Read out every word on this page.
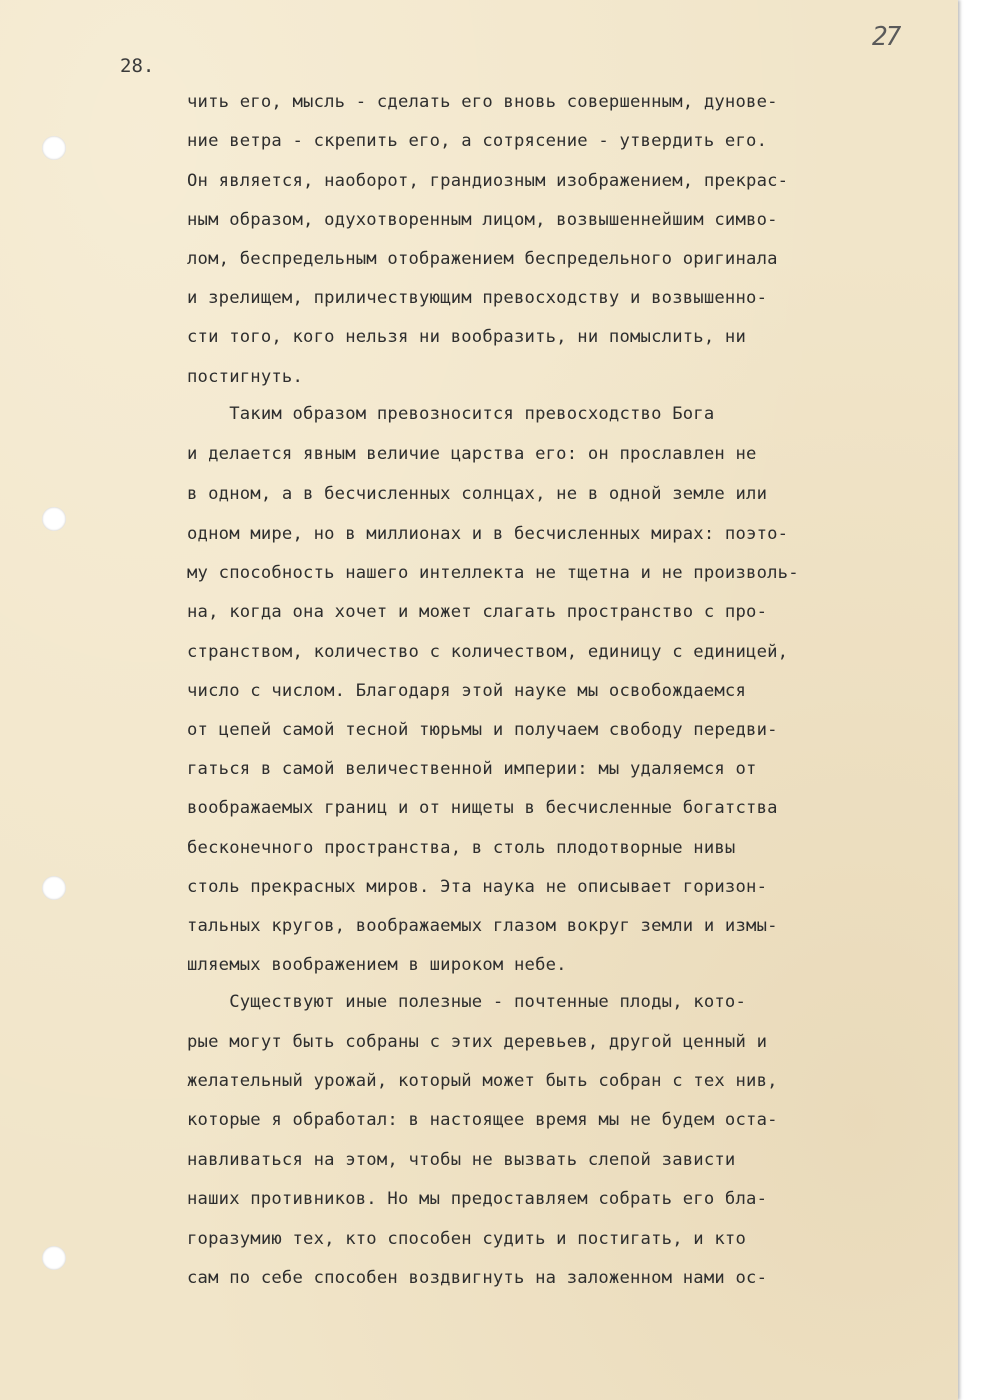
28.
27
чить его, мысль - сделать его вновь совершенным, дунове-
ние ветра - скрепить его, а сотрясение - утвердить его.
Он является, наоборот, грандиозным изображением, прекрас-
ным образом, одухотворенным лицом, возвышеннейшим симво-
лом, беспредельным отображением беспредельного оригинала
и зрелищем, приличествующим превосходству и возвышенно-
сти того, кого нельзя ни вообразить, ни помыслить, ни
постигнуть.
Таким образом превозносится превосходство Бога
и делается явным величие царства его: он прославлен не
в одном, а в бесчисленных солнцах, не в одной земле или
одном мире, но в миллионах и в бесчисленных мирах: поэто-
му способность нашего интеллекта не тщетна и не произволь-
на, когда она хочет и может слагать пространство с про-
странством, количество с количеством, единицу с единицей,
число с числом. Благодаря этой науке мы освобождаемся
от цепей самой тесной тюрьмы и получаем свободу передви-
гаться в самой величественной империи: мы удаляемся от
воображаемых границ и от нищеты в бесчисленные богатства
бесконечного пространства, в столь плодотворные нивы
столь прекрасных миров. Эта наука не описывает горизон-
тальных кругов, воображаемых глазом вокруг земли и измы-
шляемых воображением в широком небе.
Существуют иные полезные - почтенные плоды, кото-
рые могут быть собраны с этих деревьев, другой ценный и
желательный урожай, который может быть собран с тех нив,
которые я обработал: в настоящее время мы не будем оста-
навливаться на этом, чтобы не вызвать слепой зависти
наших противников. Но мы предоставляем собрать его бла-
горазумию тех, кто способен судить и постигать, и кто
сам по себе способен воздвигнуть на заложенном нами ос-
